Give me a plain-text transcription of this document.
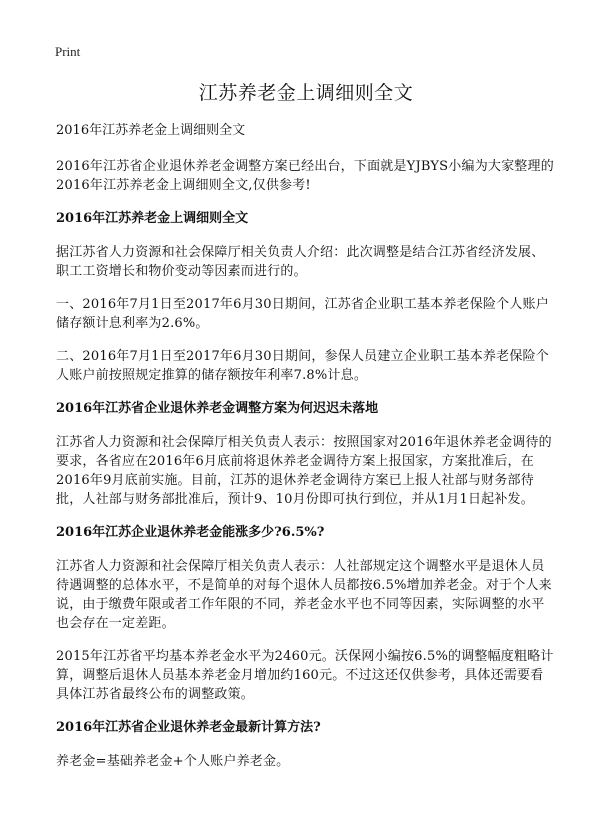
Print
江苏养老金上调细则全文
2016年江苏养老金上调细则全文

2016年江苏省企业退休养老金调整方案已经出台，下面就是YJBYS小编为大家整理的2016年江苏养老金上调细则全文,仅供参考!

2016年江苏养老金上调细则全文

据江苏省人力资源和社会保障厅相关负责人介绍：此次调整是结合江苏省经济发展、职工工资增长和物价变动等因素而进行的。

一、2016年7月1日至2017年6月30日期间，江苏省企业职工基本养老保险个人账户储存额计息利率为2.6%。

二、2016年7月1日至2017年6月30日期间，参保人员建立企业职工基本养老保险个人账户前按照规定推算的储存额按年利率7.8%计息。

2016年江苏省企业退休养老金调整方案为何迟迟未落地

江苏省人力资源和社会保障厅相关负责人表示：按照国家对2016年退休养老金调待的要求，各省应在2016年6月底前将退休养老金调待方案上报国家，方案批准后，在2016年9月底前实施。目前，江苏的退休养老金调待方案已上报人社部与财务部待批，人社部与财务部批准后，预计9、10月份即可执行到位，并从1月1日起补发。

2016年江苏企业退休养老金能涨多少?6.5%?

江苏省人力资源和社会保障厅相关负责人表示：人社部规定这个调整水平是退休人员待遇调整的总体水平，不是简单的对每个退休人员都按6.5%增加养老金。对于个人来说，由于缴费年限或者工作年限的不同，养老金水平也不同等因素，实际调整的水平也会存在一定差距。

2015年江苏省平均基本养老金水平为2460元。沃保网小编按6.5%的调整幅度粗略计算，调整后退休人员基本养老金月增加约160元。不过这还仅供参考，具体还需要看具体江苏省最终公布的调整政策。

2016年江苏省企业退休养老金最新计算方法?

养老金=基础养老金+个人账户养老金。
